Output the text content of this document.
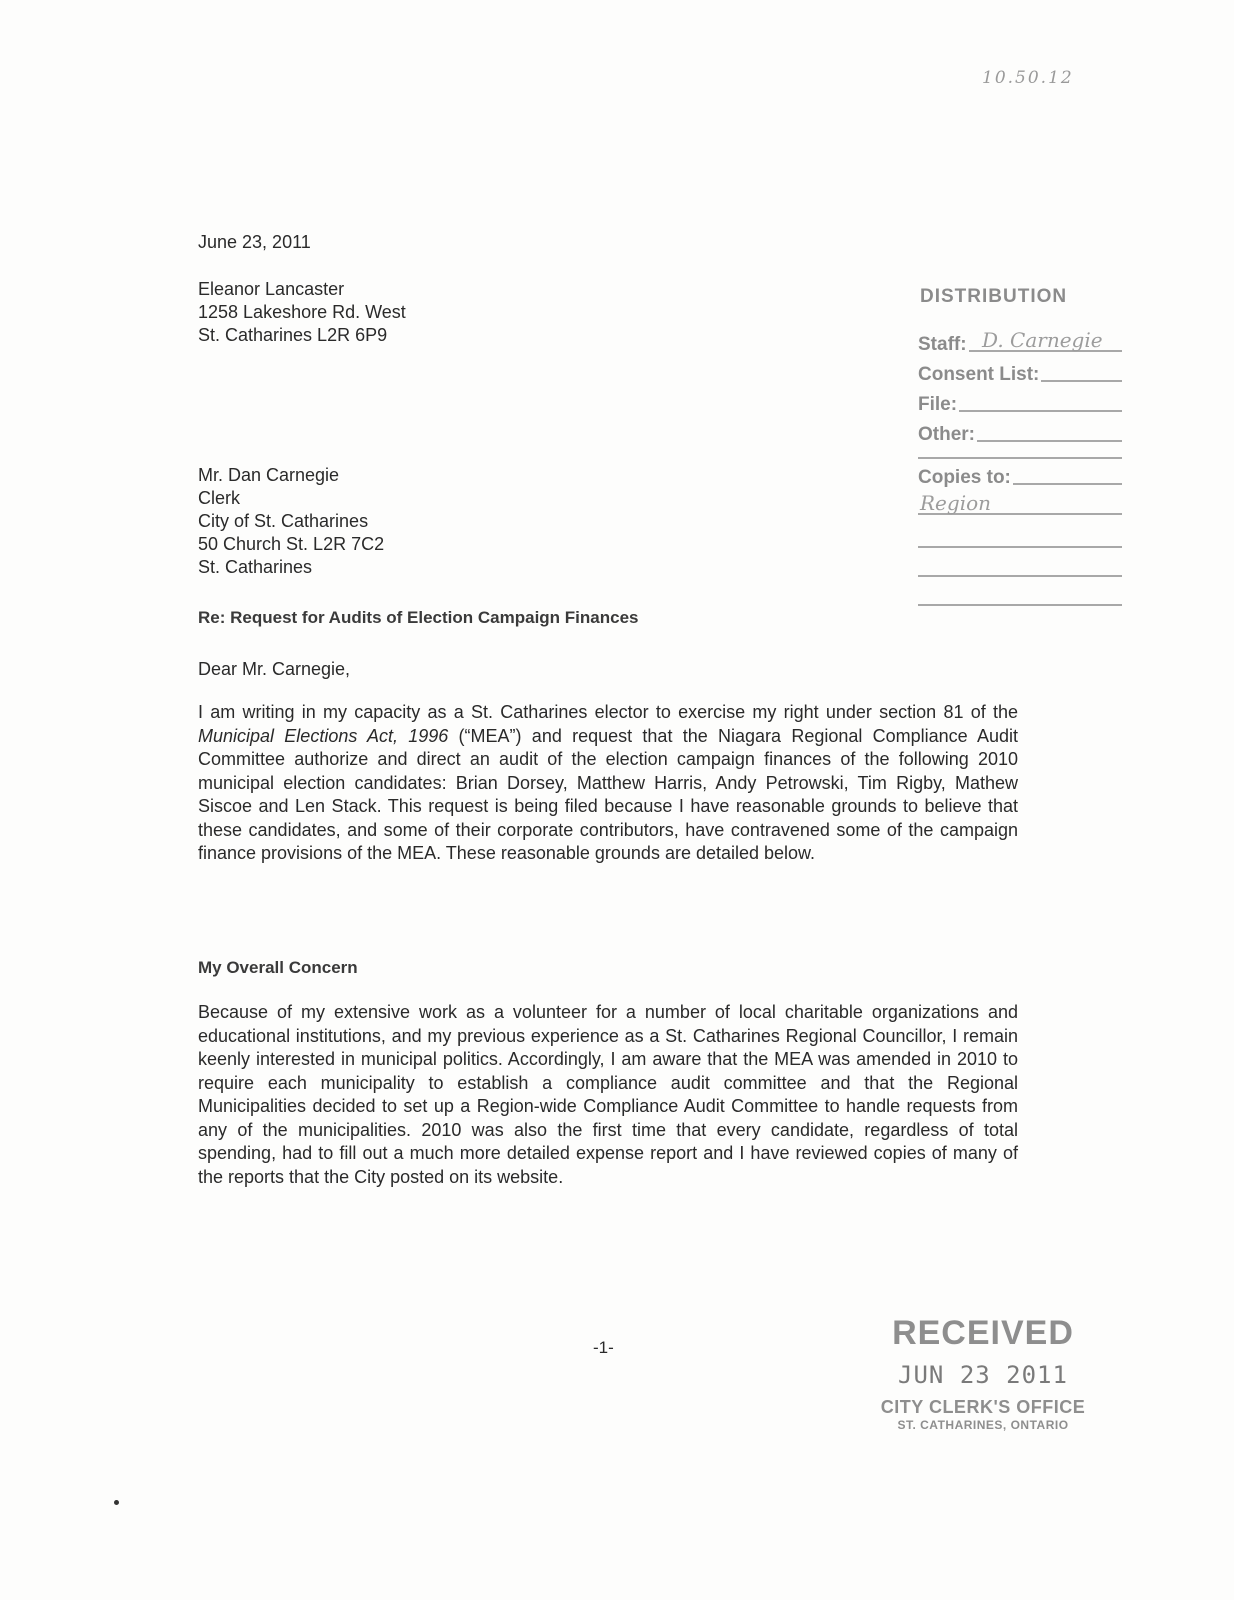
10.50.12
June 23, 2011
Eleanor Lancaster
1258 Lakeshore Rd. West
St. Catharines L2R 6P9
DISTRIBUTION
Staff: D. Carnegie
Consent List:
File:
Other:
Copies to:
Region
Mr. Dan Carnegie
Clerk
City of St. Catharines
50 Church St. L2R 7C2
St. Catharines
Re: Request for Audits of Election Campaign Finances
Dear Mr. Carnegie,
I am writing in my capacity as a St. Catharines elector to exercise my right under section 81 of the Municipal Elections Act, 1996 (“MEA”) and request that the Niagara Regional Compliance Audit Committee authorize and direct an audit of the election campaign finances of the following 2010 municipal election candidates: Brian Dorsey, Matthew Harris, Andy Petrowski, Tim Rigby, Mathew Siscoe and Len Stack. This request is being filed because I have reasonable grounds to believe that these candidates, and some of their corporate contributors, have contravened some of the campaign finance provisions of the MEA. These reasonable grounds are detailed below.
My Overall Concern
Because of my extensive work as a volunteer for a number of local charitable organizations and educational institutions, and my previous experience as a St. Catharines Regional Councillor, I remain keenly interested in municipal politics. Accordingly, I am aware that the MEA was amended in 2010 to require each municipality to establish a compliance audit committee and that the Regional Municipalities decided to set up a Region-wide Compliance Audit Committee to handle requests from any of the municipalities. 2010 was also the first time that every candidate, regardless of total spending, had to fill out a much more detailed expense report and I have reviewed copies of many of the reports that the City posted on its website.
-1-	RECEIVED
JUN 23 2011
CITY CLERK'S OFFICE
ST. CATHARINES, ONTARIO
